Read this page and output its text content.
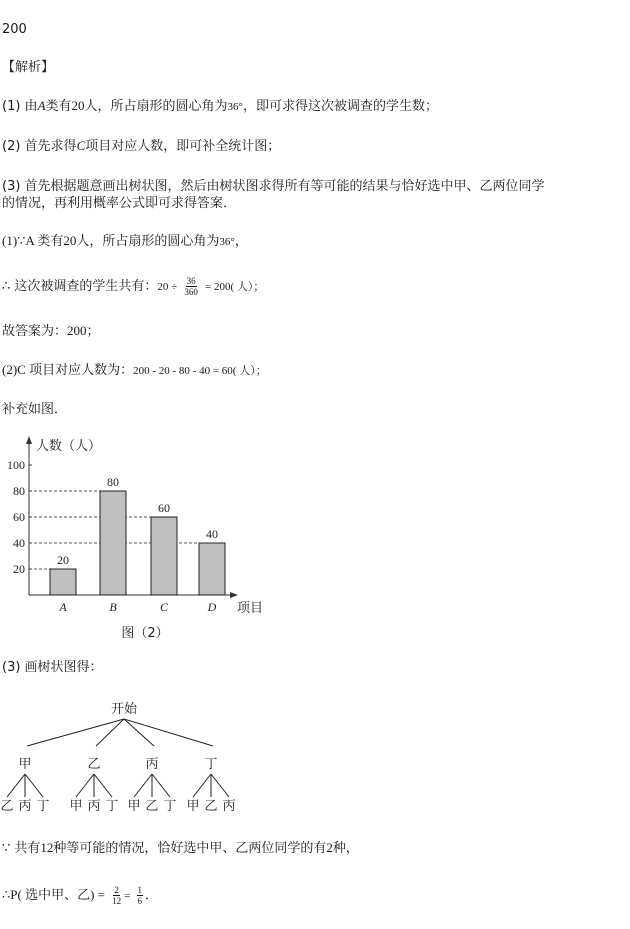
200
【解析】
(1) 由A类有20人，所占扇形的圆心角为36°，即可求得这次被调查的学生数；
(2) 首先求得C项目对应人数，即可补全统计图；
(3) 首先根据题意画出树状图，然后由树状图求得所有等可能的结果与恰好选中甲、乙两位同学
的情况，再利用概率公式即可求得答案．
(1)∵A 类有20人，所占扇形的圆心角为36°，
∴ 这次被调查的学生共有：$20 \div \frac{36}{360} = 200$( 人）；
故答案为：200；
(2)C 项目对应人数为：200 - 20 - 80 - 40 = 60( 人）；
补充如图．
20
40
60
80
100
人数（人）
20
A
80
B
60
C
40
D 项目
图（2）
(3) 画树状图得：
开始
甲
乙 丙 丁
乙
甲 丙 丁
丙
甲 乙 丁
丁
甲 乙 丙
∵ 共有12种等可能的情况，恰好选中甲、乙两位同学的有2种，
∴P( 选中甲、乙) = $\frac{2}{12} = \frac{1}{6}$ ．
